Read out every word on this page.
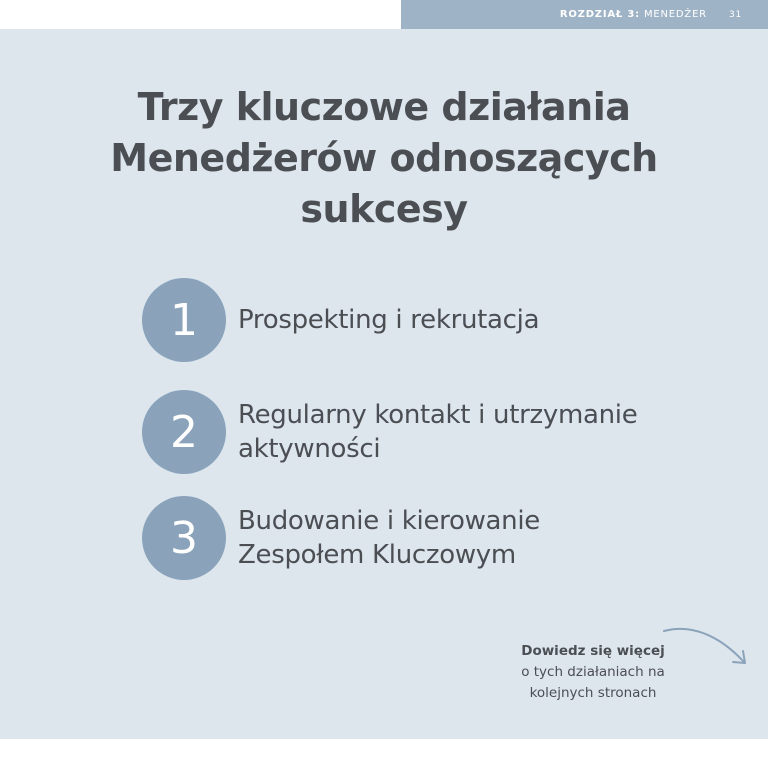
ROZDZIAŁ 3: MENEDŻER 31
Trzy kluczowe działania
Menedżerów odnoszących
sukcesy
1	Prospekting i rekrutacja
2	Regularny kontakt i utrzymanie
aktywności
3	Budowanie i kierowanie
Zespołem Kluczowym
Dowiedz się więcej
o tych działaniach na
kolejnych stronach
